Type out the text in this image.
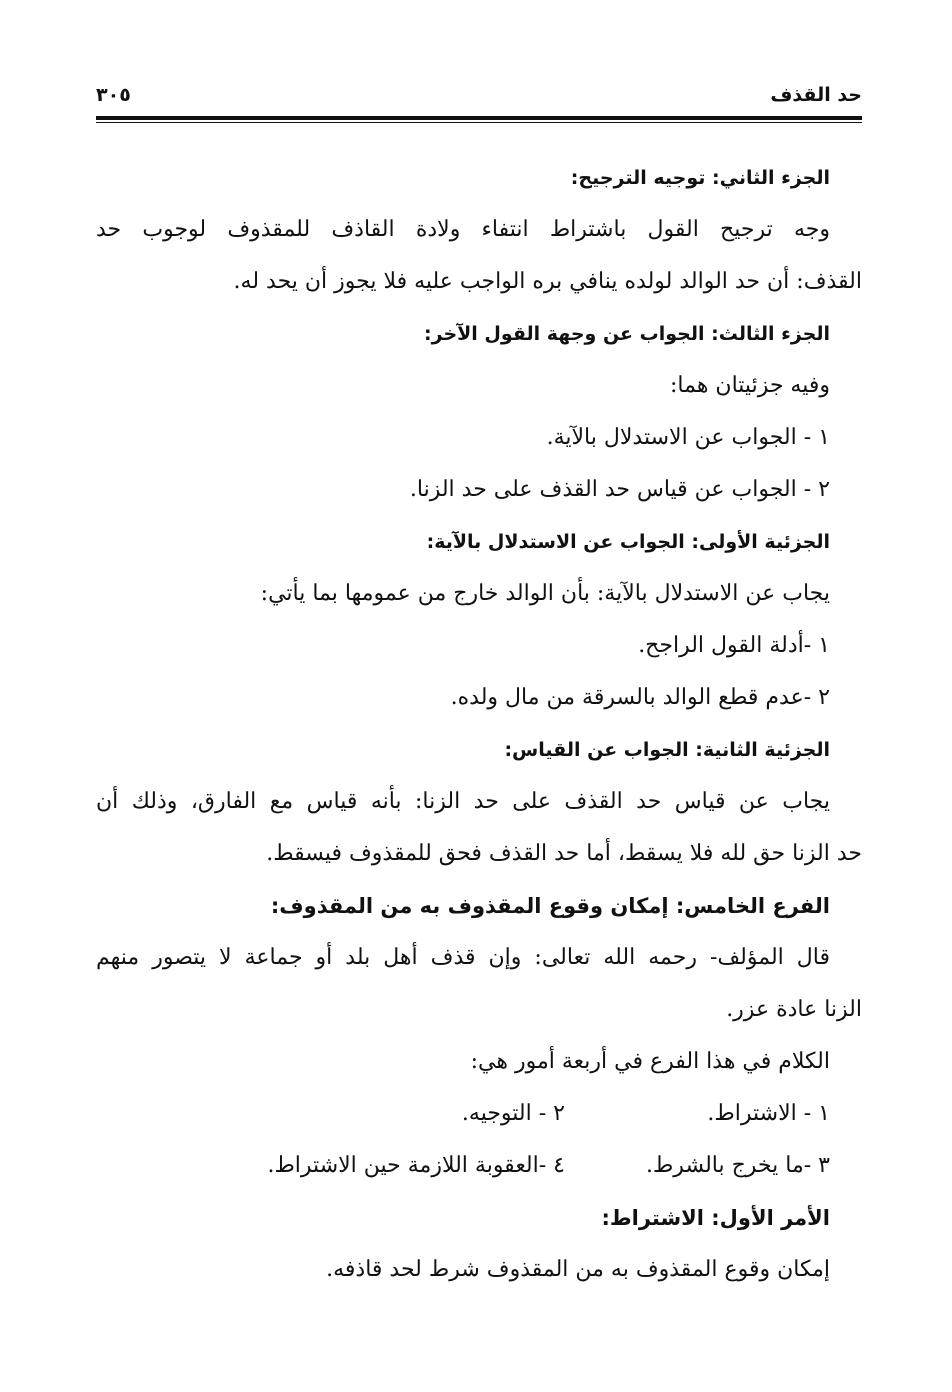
حد القذف
٣٠٥
الجزء الثاني: توجيه الترجيح:
وجه ترجيح القول باشتراط انتفاء ولادة القاذف للمقذوف لوجوب حد
القذف: أن حد الوالد لولده ينافي بره الواجب عليه فلا يجوز أن يحد له.
الجزء الثالث: الجواب عن وجهة القول الآخر:
وفيه جزئيتان هما:
١ - الجواب عن الاستدلال بالآية.
٢ - الجواب عن قياس حد القذف على حد الزنا.
الجزئية الأولى: الجواب عن الاستدلال بالآية:
يجاب عن الاستدلال بالآية: بأن الوالد خارج من عمومها بما يأتي:
١ -أدلة القول الراجح.
٢ -عدم قطع الوالد بالسرقة من مال ولده.
الجزئية الثانية: الجواب عن القياس:
يجاب عن قياس حد القذف على حد الزنا: بأنه قياس مع الفارق، وذلك أن
حد الزنا حق لله فلا يسقط، أما حد القذف فحق للمقذوف فيسقط.
الفرع الخامس: إمكان وقوع المقذوف به من المقذوف:
قال المؤلف- رحمه الله تعالى: وإن قذف أهل بلد أو جماعة لا يتصور منهم
الزنا عادة عزر.
الكلام في هذا الفرع في أربعة أمور هي:
١ - الاشتراط.
٢ - التوجيه.
٣ -ما يخرج بالشرط.
٤ -العقوبة اللازمة حين الاشتراط.
الأمر الأول: الاشتراط:
إمكان وقوع المقذوف به من المقذوف شرط لحد قاذفه.
